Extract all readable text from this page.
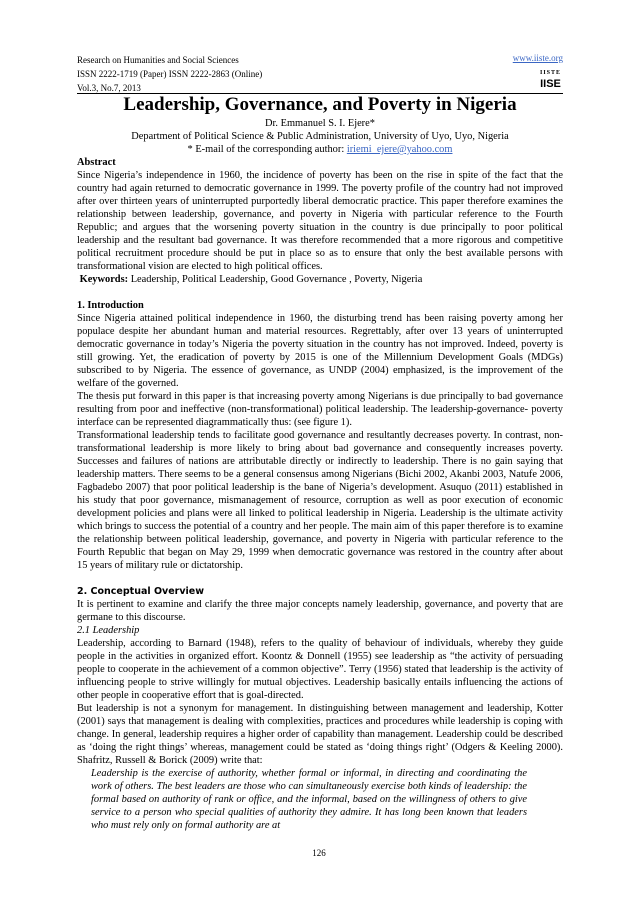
Research on Humanities and Social Sciences
ISSN 2222-1719 (Paper) ISSN 2222-2863 (Online)
Vol.3, No.7, 2013
www.iiste.org
IISTE
IISE
Leadership, Governance, and Poverty in Nigeria
Dr. Emmanuel S. I. Ejere*
Department of Political Science & Public Administration, University of Uyo, Uyo, Nigeria
* E-mail of the corresponding author: iriemi_ejere@yahoo.com
Abstract

Since Nigeria’s independence in 1960, the incidence of poverty has been on the rise in spite of the fact that the country had again returned to democratic governance in 1999. The poverty profile of the country had not improved after over thirteen years of uninterrupted purportedly liberal democratic practice. This paper therefore examines the relationship between leadership, governance, and poverty in Nigeria with particular reference to the Fourth Republic; and argues that the worsening poverty situation in the country is due principally to poor political leadership and the resultant bad governance. It was therefore recommended that a more rigorous and competitive political recruitment procedure should be put in place so as to ensure that only the best available persons with transformational vision are elected to high political offices.

Keywords: Leadership, Political Leadership, Good Governance , Poverty, Nigeria

1. Introduction

Since Nigeria attained political independence in 1960, the disturbing trend has been raising poverty among her populace despite her abundant human and material resources. Regrettably, after over 13 years of uninterrupted democratic governance in today’s Nigeria the poverty situation in the country has not improved. Indeed, poverty is still growing. Yet, the eradication of poverty by 2015 is one of the Millennium Development Goals (MDGs) subscribed to by Nigeria. The essence of governance, as UNDP (2004) emphasized, is the improvement of the welfare of the governed.

The thesis put forward in this paper is that increasing poverty among Nigerians is due principally to bad governance resulting from poor and ineffective (non-transformational) political leadership. The leadership-governance- poverty interface can be represented diagrammatically thus: (see figure 1).

Transformational leadership tends to facilitate good governance and resultantly decreases poverty. In contrast, non-transformational leadership is more likely to bring about bad governance and consequently increases poverty. Successes and failures of nations are attributable directly or indirectly to leadership. There is no gain saying that leadership matters. There seems to be a general consensus among Nigerians (Bichi 2002, Akanbi 2003, Natufe 2006, Fagbadebo 2007) that poor political leadership is the bane of Nigeria’s development. Asuquo (2011) established in his study that poor governance, mismanagement of resource, corruption as well as poor execution of economic development policies and plans were all linked to political leadership in Nigeria. Leadership is the ultimate activity which brings to success the potential of a country and her people. The main aim of this paper therefore is to examine the relationship between political leadership, governance, and poverty in Nigeria with particular reference to the Fourth Republic that began on May 29, 1999 when democratic governance was restored in the country after about 15 years of military rule or dictatorship.

2. Conceptual Overview

It is pertinent to examine and clarify the three major concepts namely leadership, governance, and poverty that are germane to this discourse.

2.1 Leadership

Leadership, according to Barnard (1948), refers to the quality of behaviour of individuals, whereby they guide people in the activities in organized effort. Koontz & Donnell (1955) see leadership as “the activity of persuading people to cooperate in the achievement of a common objective”. Terry (1956) stated that leadership is the activity of influencing people to strive willingly for mutual objectives. Leadership basically entails influencing the actions of other people in cooperative effort that is goal-directed.

But leadership is not a synonym for management. In distinguishing between management and leadership, Kotter (2001) says that management is dealing with complexities, practices and procedures while leadership is coping with change. In general, leadership requires a higher order of capability than management. Leadership could be described as ‘doing the right things’ whereas, management could be stated as ‘doing things right’ (Odgers & Keeling 2000). Shafritz, Russell & Borick (2009) write that:

Leadership is the exercise of authority, whether formal or informal, in directing and coordinating the work of others. The best leaders are those who can simultaneously exercise both kinds of leadership: the formal based on authority of rank or office, and the informal, based on the willingness of others to give service to a person who special qualities of authority they admire. It has long been known that leaders who must rely only on formal authority are at

126
